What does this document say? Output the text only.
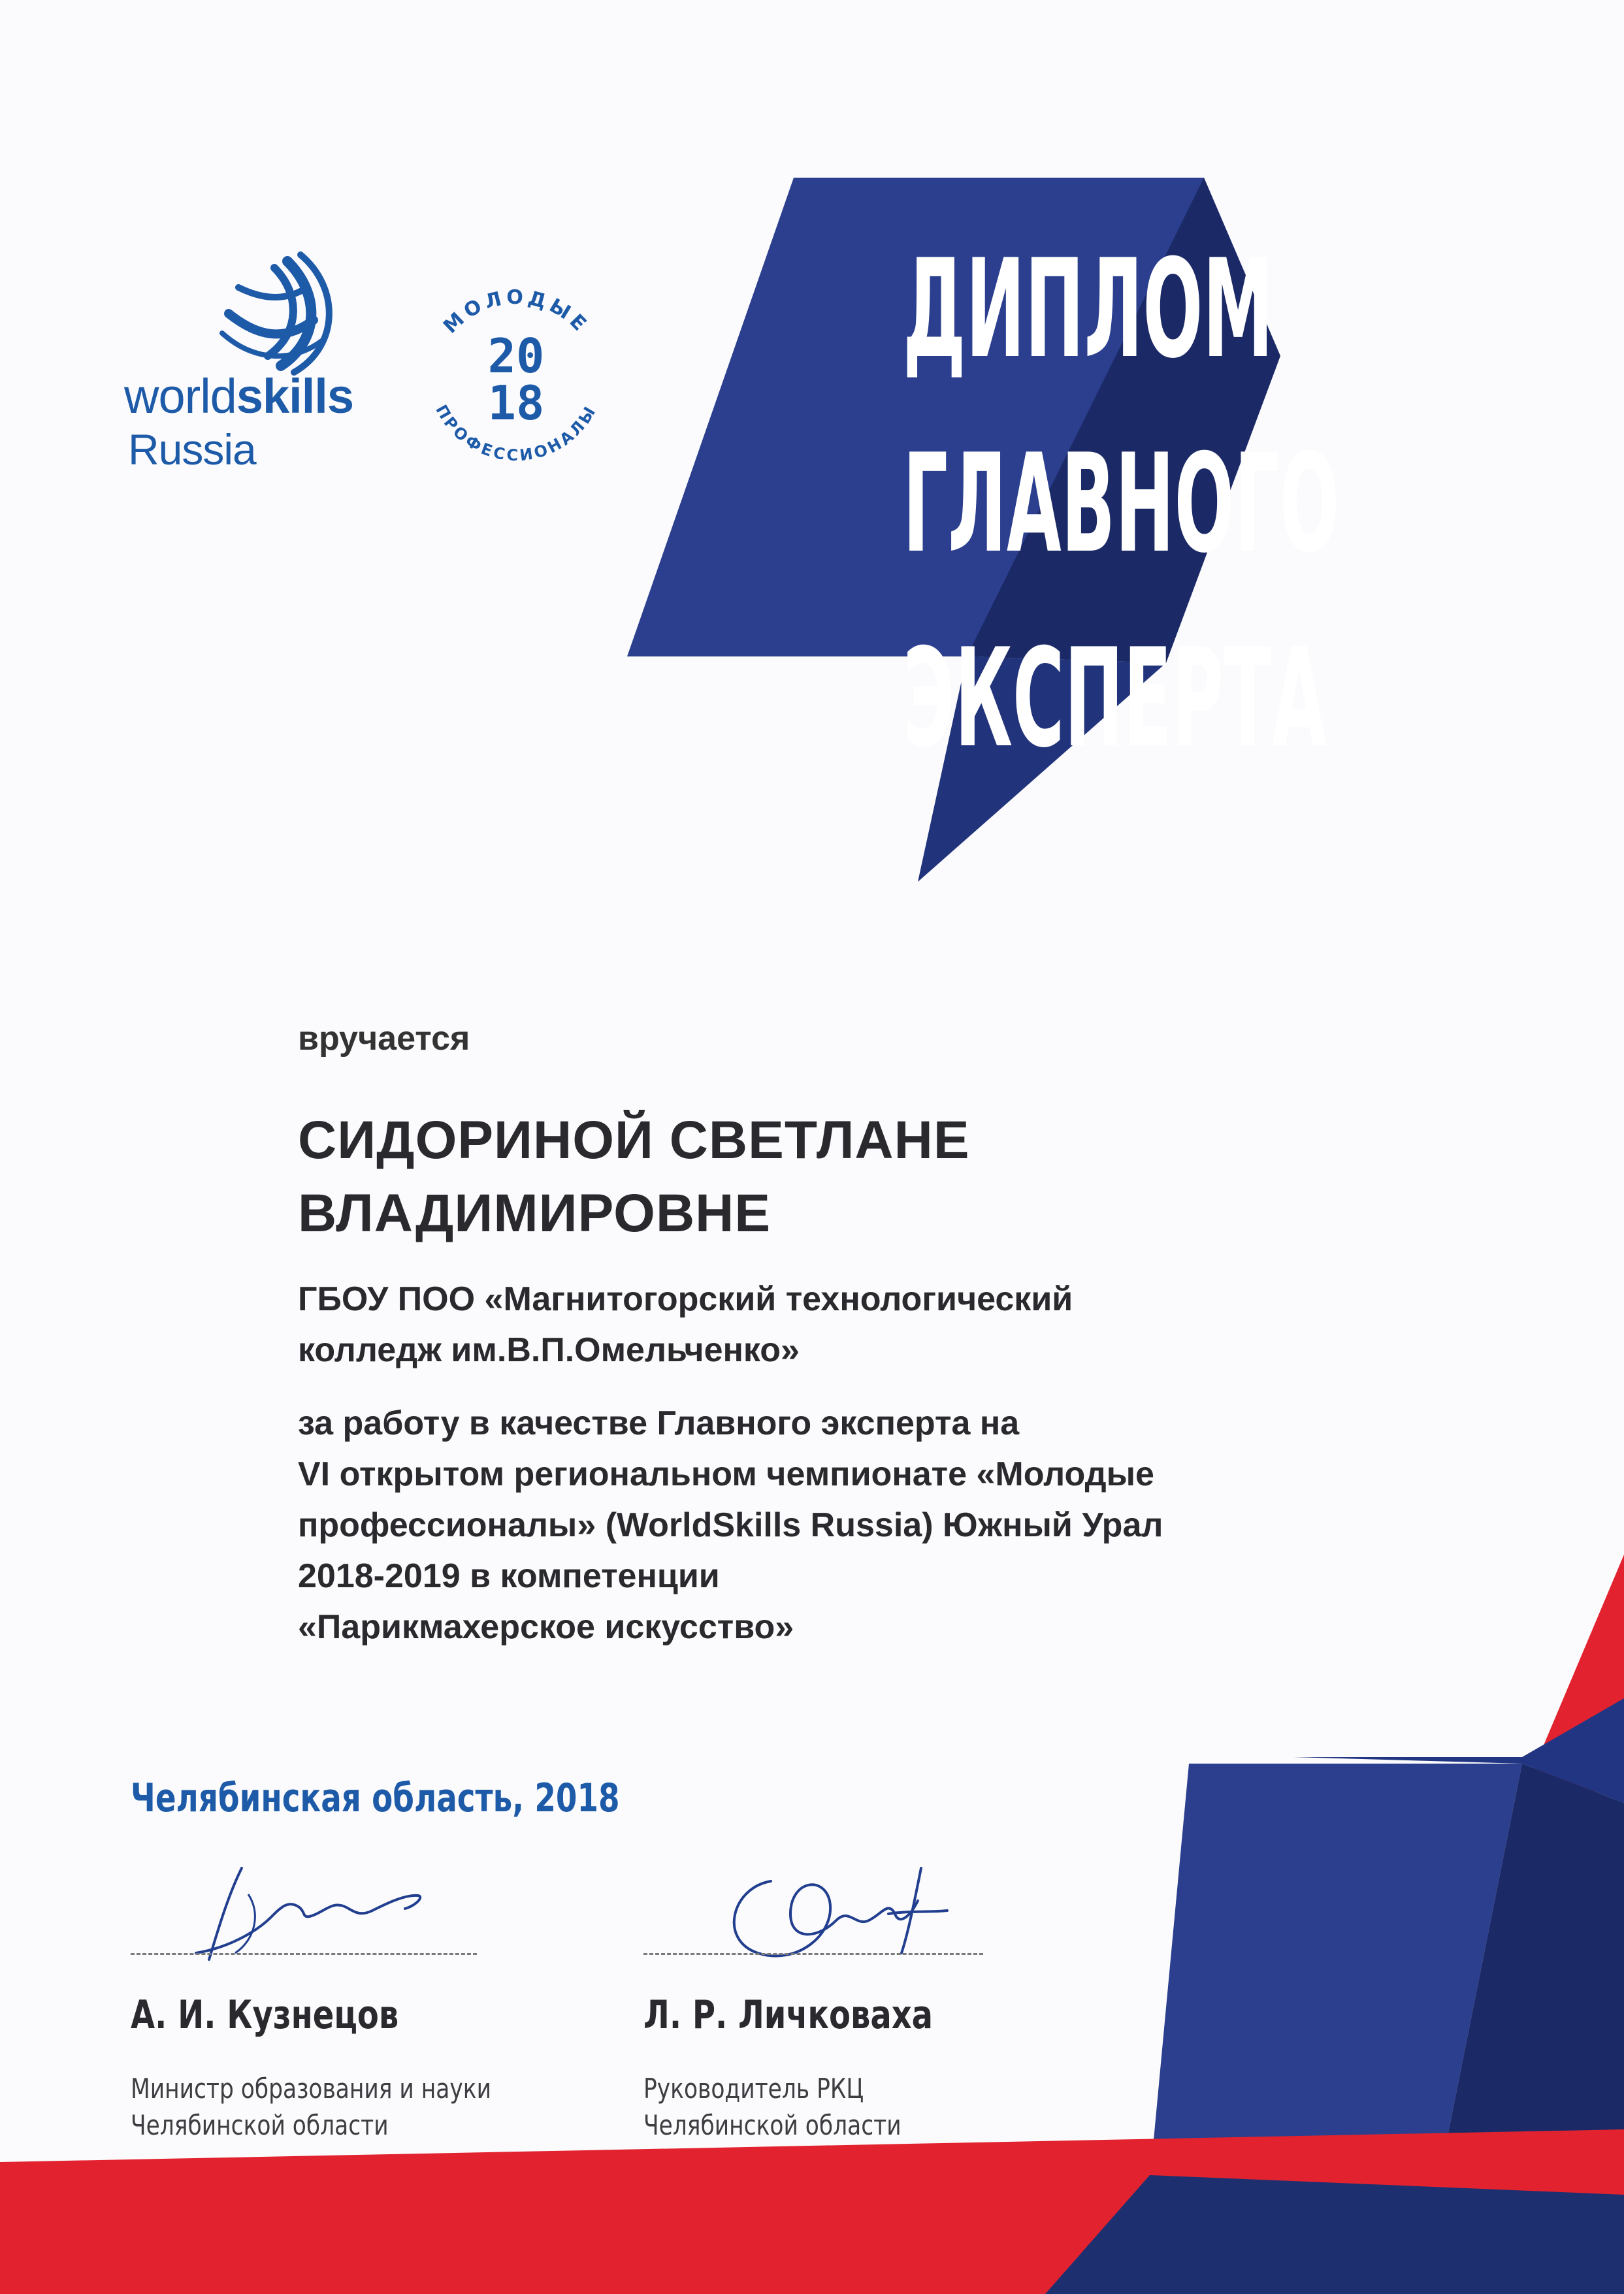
worldskills
Russia
МОЛОДЫЕ
ПРОФЕССИОНАЛЫ
20
18
ДИПЛОМ
ГЛАВНОГО
ЭКСПЕРТА
вручается
СИДОРИНОЙ СВЕТЛАНЕ
ВЛАДИМИРОВНЕ
ГБОУ ПОО «Магнитогорский технологический
колледж им.В.П.Омельченко»
за работу в качестве Главного эксперта на
VI открытом региональном чемпионате «Молодые
профессионалы» (WorldSkills Russia) Южный Урал
2018-2019 в компетенции
«Парикмахерское искусство»
Челябинская область, 2018
А. И. Кузнецов
Министр образования и науки
Челябинской области
Л. Р. Личковаха
Руководитель РКЦ
Челябинской области
